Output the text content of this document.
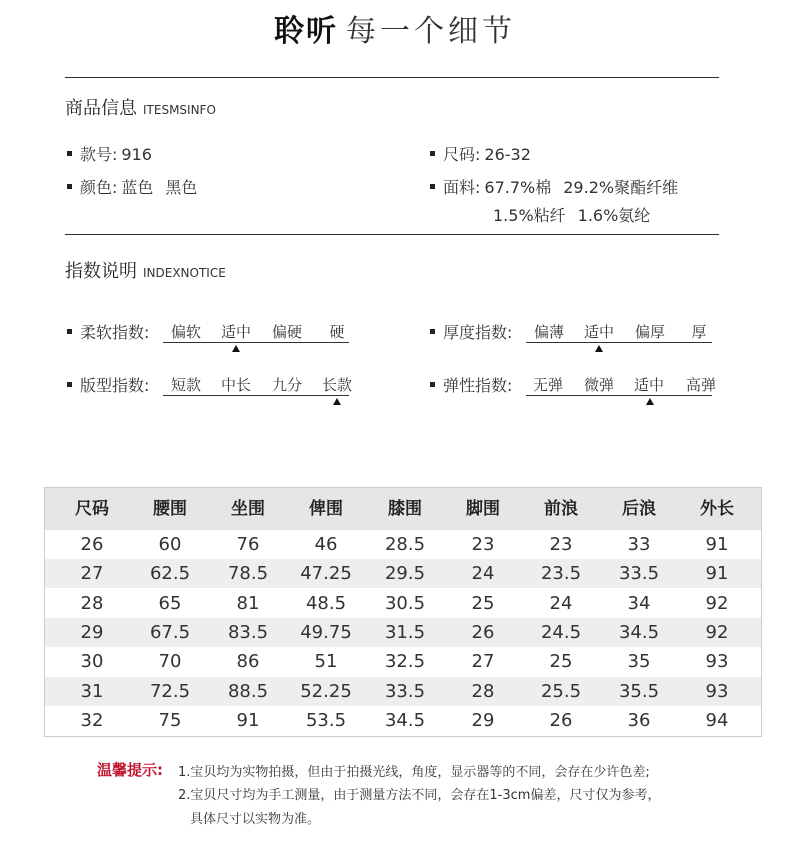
聆听 每一个细节
商品信息 ITESMSINFO
款号: 916	尺码: 26-32
颜色: 蓝色 黑色	面料: 67.7%棉 29.2%聚酯纤维
1.5%粘纤 1.6%氨纶
指数说明 INDEXNOTICE
柔软指数: 偏软 适中 偏硬 硬	厚度指数: 偏薄 适中 偏厚 厚
版型指数: 短款 中长 九分 长款	弹性指数: 无弹 微弹 适中 高弹
尺码	腰围	坐围	俾围	膝围	脚围	前浪	后浪	外长
26	60	76	46	28.5	23	23	33	91
27	62.5	78.5	47.25	29.5	24	23.5	33.5	91
28	65	81	48.5	30.5	25	24	34	92
29	67.5	83.5	49.75	31.5	26	24.5	34.5	92
30	70	86	51	32.5	27	25	35	93
31	72.5	88.5	52.25	33.5	28	25.5	35.5	93
32	75	91	53.5	34.5	29	26	36	94
温馨提示: 1.宝贝均为实物拍摄，但由于拍摄光线，角度，显示器等的不同，会存在少许色差;
2.宝贝尺寸均为手工测量，由于测量方法不同，会存在1-3cm偏差，尺寸仅为参考，
具体尺寸以实物为准。
